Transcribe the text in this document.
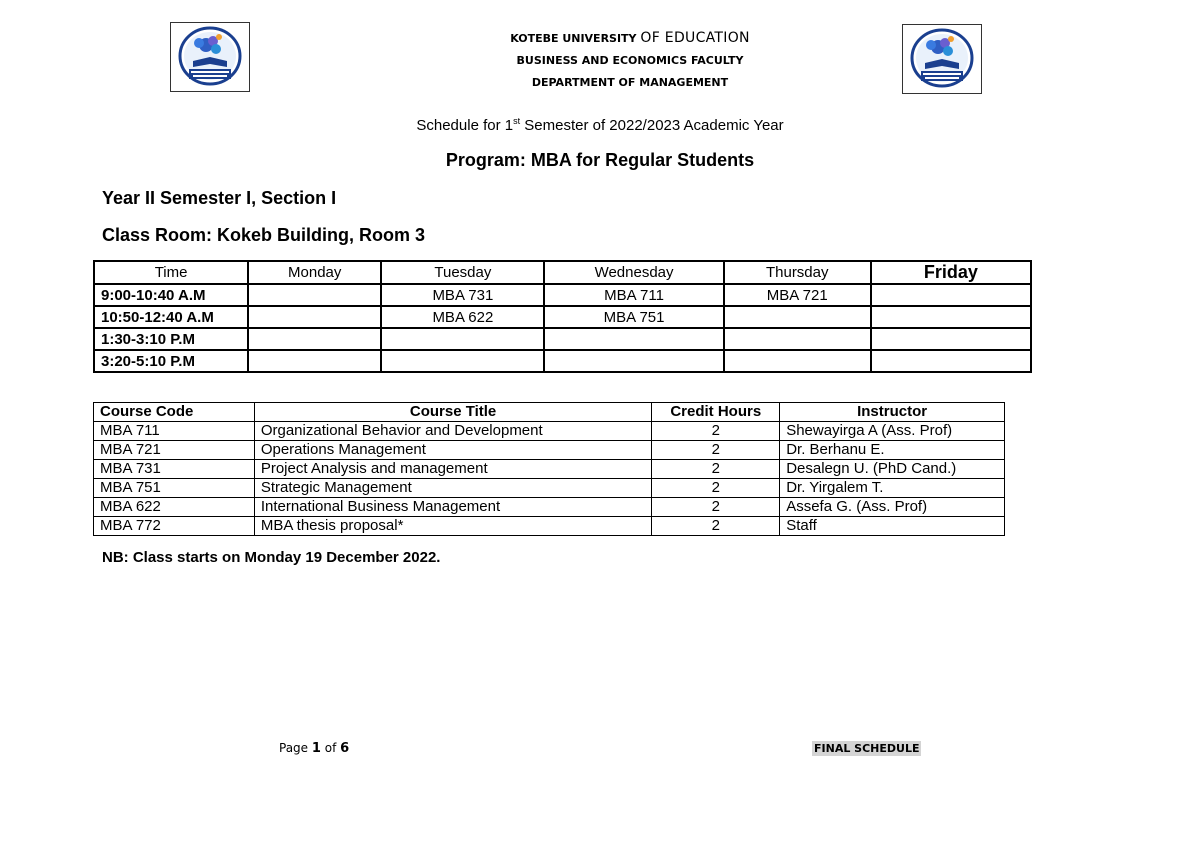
KOTEBE UNIVERSITY OF EDUCATION
BUSINESS AND ECONOMICS FACULTY
DEPARTMENT OF MANAGEMENT
Schedule for 1st Semester of 2022/2023 Academic Year
Program: MBA for Regular Students
Year II Semester I, Section I
Class Room: Kokeb Building, Room 3
Time	Monday	Tuesday	Wednesday	Thursday	Friday
9:00-10:40 A.M		MBA 731	MBA 711	MBA 721	
10:50-12:40 A.M		MBA 622	MBA 751		
1:30-3:10 P.M					
3:20-5:10 P.M					
Course Code	Course Title	Credit Hours	Instructor
MBA 711	Organizational Behavior and Development	2	Shewayirga A (Ass. Prof)
MBA 721	Operations Management	2	Dr. Berhanu E.
MBA 731	Project Analysis and management	2	Desalegn U. (PhD Cand.)
MBA 751	Strategic Management	2	Dr. Yirgalem T.
MBA 622	International Business Management	2	Assefa G. (Ass. Prof)
MBA 772	MBA thesis proposal*	2	Staff
NB: Class starts on Monday 19 December 2022.
Page 1 of 6	FINAL SCHEDULE
